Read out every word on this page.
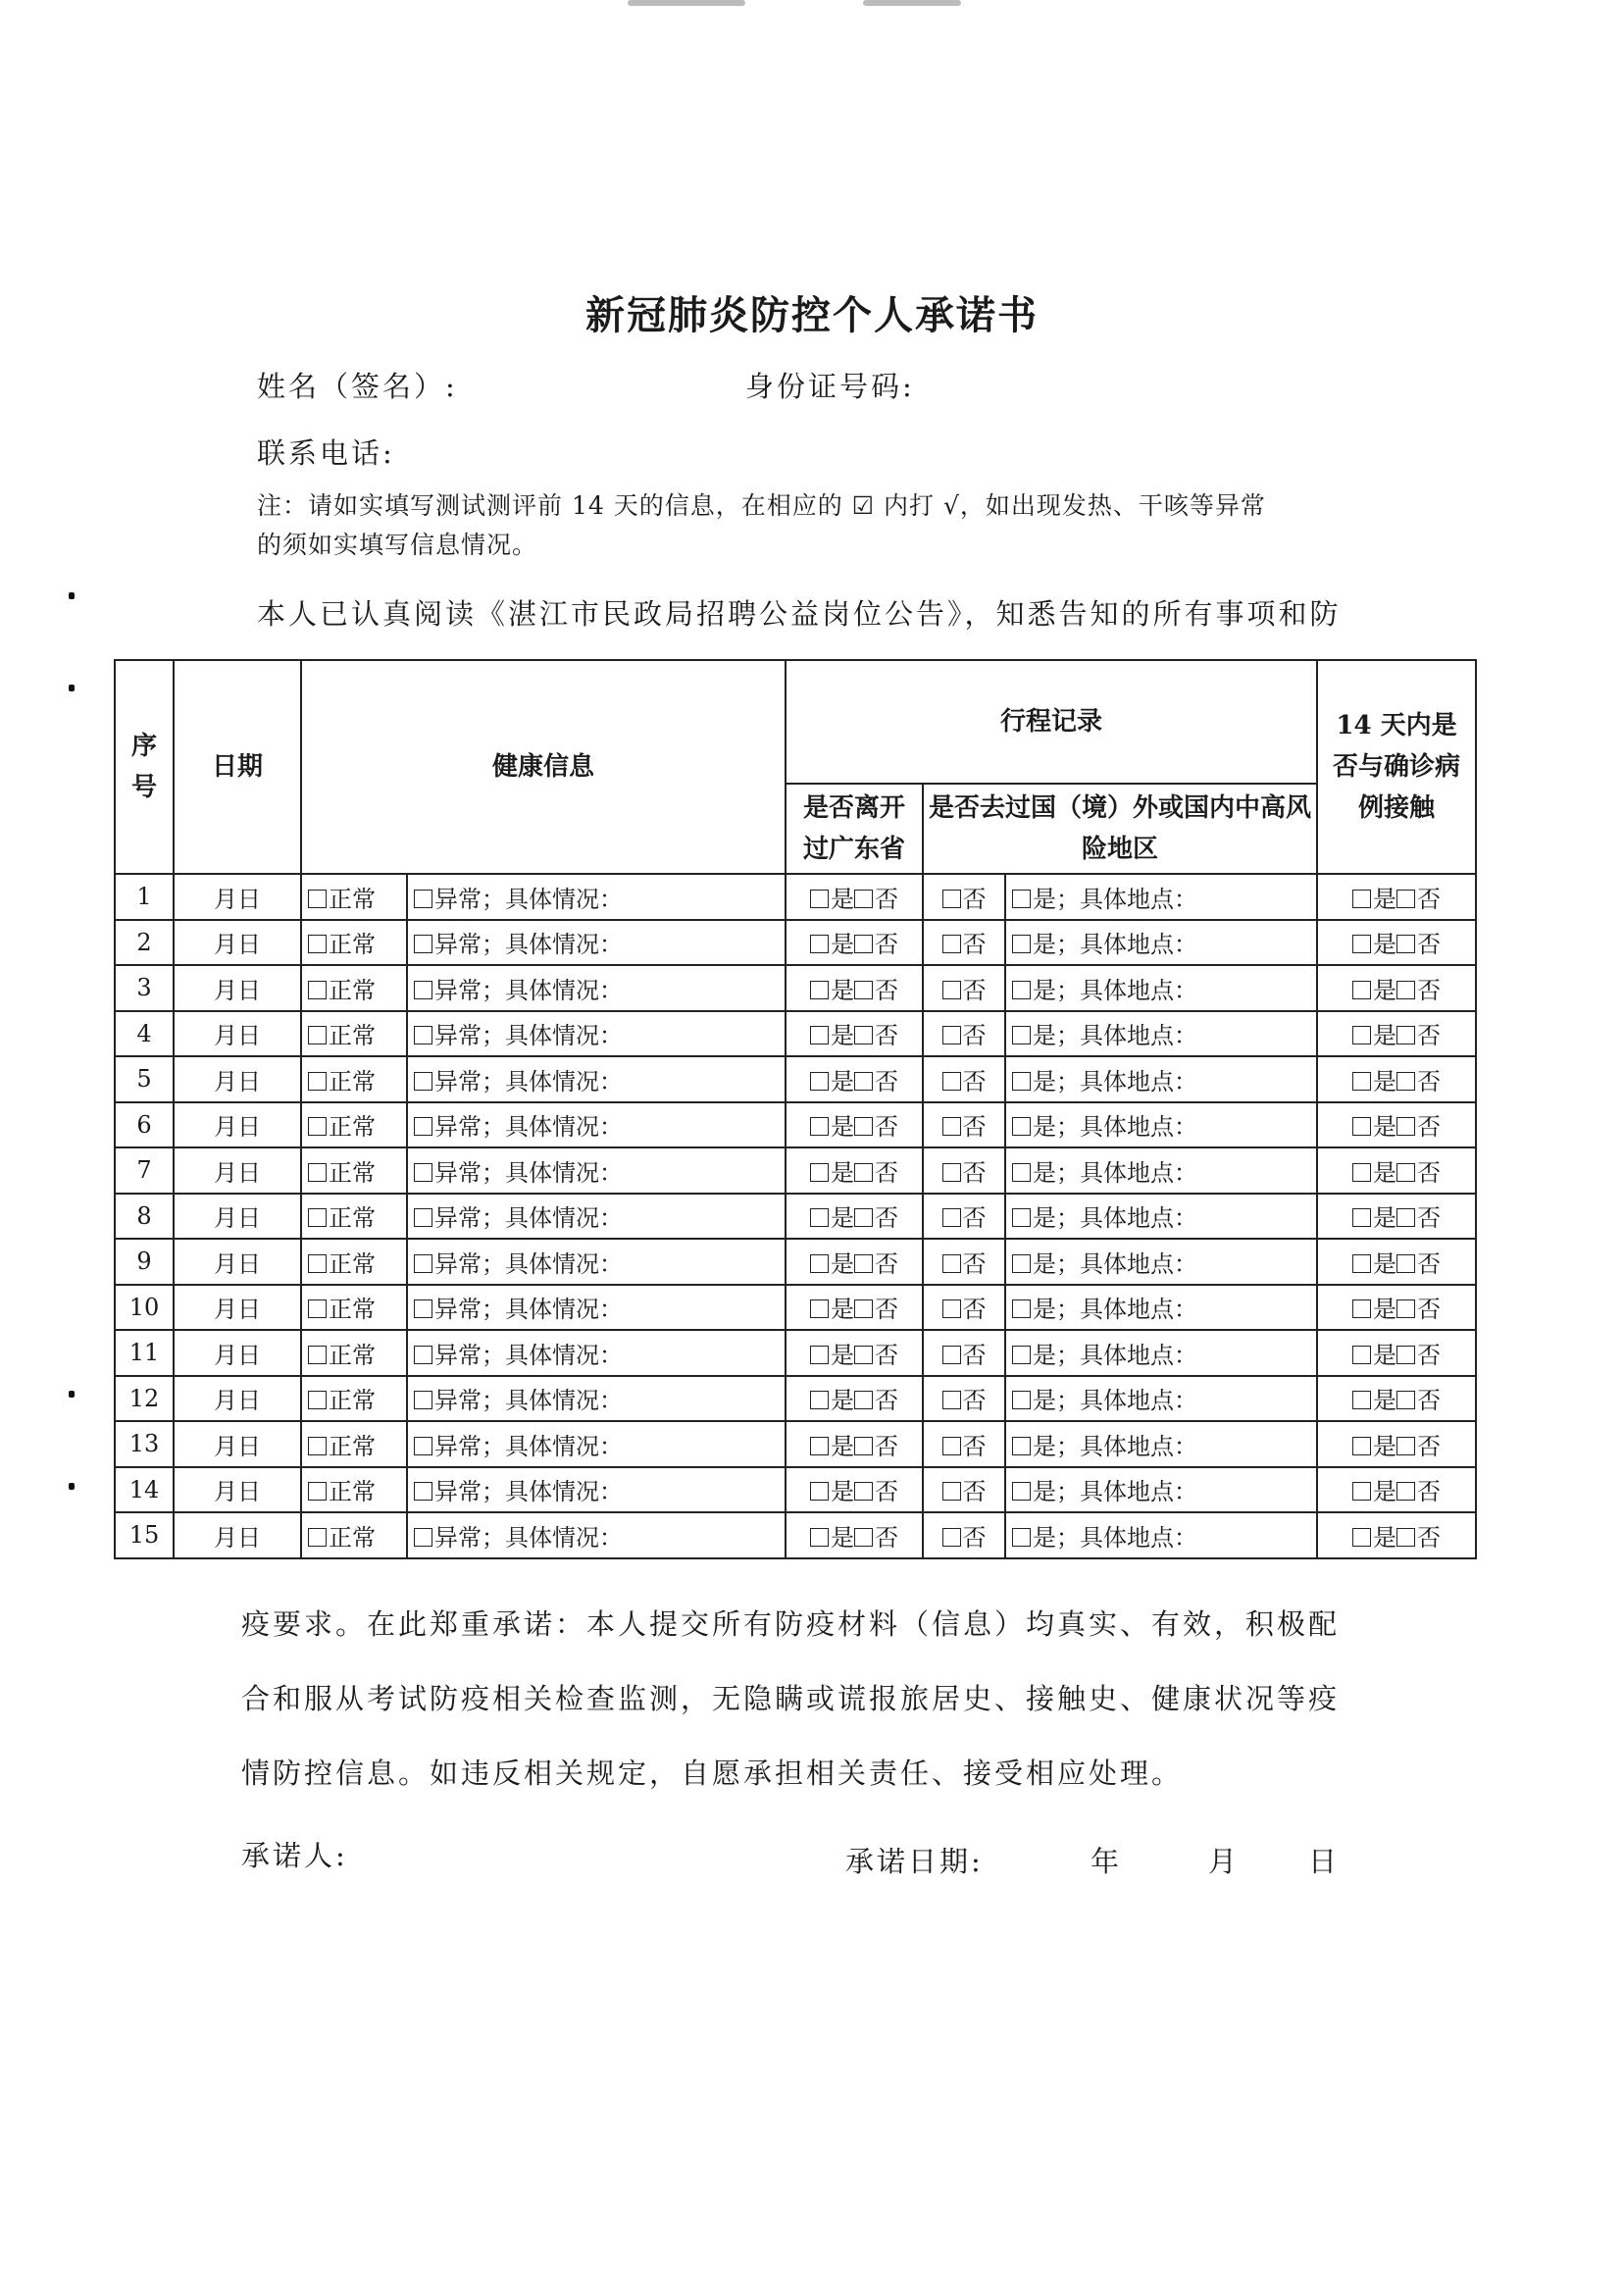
新冠肺炎防控个人承诺书
姓名（签名）:	身份证号码:
联系电话:
注：请如实填写测试测评前 14 天的信息，在相应的 ☑ 内打 √，如出现发热、干咳等异常
的须如实填写信息情况。
本人已认真阅读《湛江市民政局招聘公益岗位公告》，知悉告知的所有事项和防
序号	日期	健康信息		行程记录			14 天内是否与确诊病例接触
				是否离开过广东省	是否去过国（境）外或国内中高风险地区		
1	月日	正常	异常；具体情况：	是 否	否	是；具体地点：	是 否
2	月日	正常	异常；具体情况：	是 否	否	是；具体地点：	是 否
3	月日	正常	异常；具体情况：	是 否	否	是；具体地点：	是 否
4	月日	正常	异常；具体情况：	是 否	否	是；具体地点：	是 否
5	月日	正常	异常；具体情况：	是 否	否	是；具体地点：	是 否
6	月日	正常	异常；具体情况：	是 否	否	是；具体地点：	是 否
7	月日	正常	异常；具体情况：	是 否	否	是；具体地点：	是 否
8	月日	正常	异常；具体情况：	是 否	否	是；具体地点：	是 否
9	月日	正常	异常；具体情况：	是 否	否	是；具体地点：	是 否
10	月日	正常	异常；具体情况：	是 否	否	是；具体地点：	是 否
11	月日	正常	异常；具体情况：	是 否	否	是；具体地点：	是 否
12	月日	正常	异常；具体情况：	是 否	否	是；具体地点：	是 否
13	月日	正常	异常；具体情况：	是 否	否	是；具体地点：	是 否
14	月日	正常	异常；具体情况：	是 否	否	是；具体地点：	是 否
15	月日	正常	异常；具体情况：	是 否	否	是；具体地点：	是 否
疫要求。在此郑重承诺：本人提交所有防疫材料（信息）均真实、有效，积极配
合和服从考试防疫相关检查监测，无隐瞒或谎报旅居史、接触史、健康状况等疫
情防控信息。如违反相关规定，自愿承担相关责任、接受相应处理。
承诺人:	承诺日期:	年	月 日
